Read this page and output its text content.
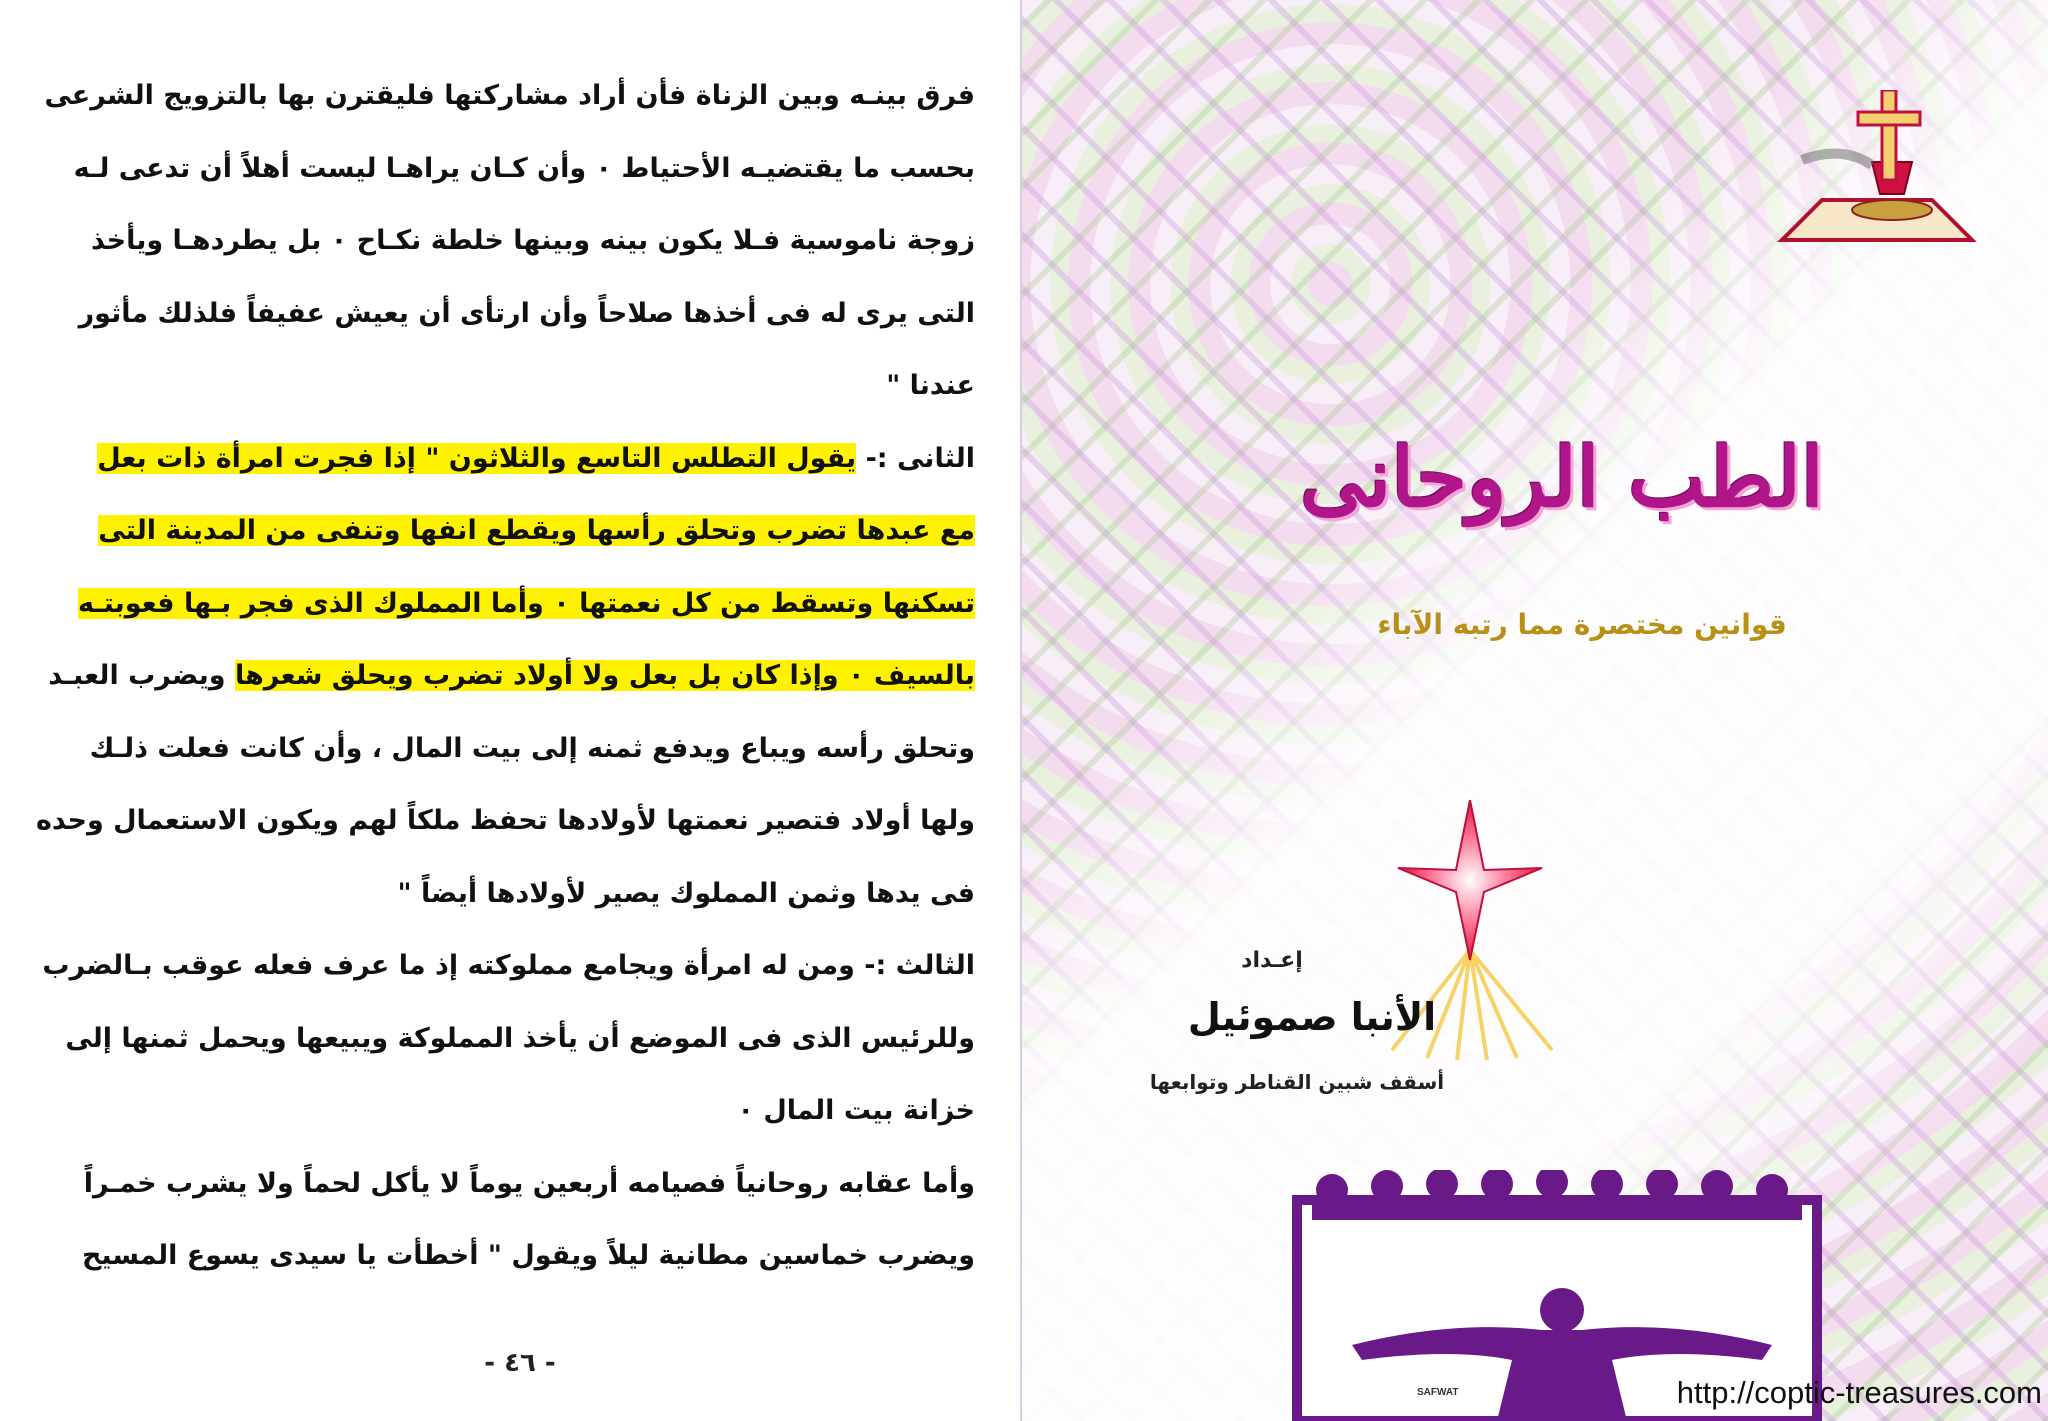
فرق بينـه وبين الزناة فأن أراد مشاركتها فليقترن بها بالتزويج الشرعى
بحسب ما يقتضيـه الأحتياط ٠ وأن كـان يراهـا ليست أهلاً أن تدعى لـه
زوجة ناموسية فـلا يكون بينه وبينها خلطة نكـاح ٠ بل يطردهـا ويأخذ
التى يرى له فى أخذها صلاحاً وأن ارتأى أن يعيش عفيفاً فلذلك مأثور
عندنا "
الثانى :- يقول التطلس التاسع والثلاثون " إذا فجرت امرأة ذات بعل
مع عبدها تضرب وتحلق رأسها ويقطع انفها وتنفى من المدينة التى
تسكنها وتسقط من كل نعمتها ٠ وأما المملوك الذى فجر بـها فعوبتـه
بالسيف ٠ وإذا كان بل بعل ولا أولاد تضرب ويحلق شعرها ويضرب العبـد
وتحلق رأسه ويباع ويدفع ثمنه إلى بيت المال ، وأن كانت فعلت ذلـك
ولها أولاد فتصير نعمتها لأولادها تحفظ ملكاً لهم ويكون الاستعمال وحده
فى يدها وثمن المملوك يصير لأولادها أيضاً "
الثالث :- ومن له امرأة ويجامع مملوكته إذ ما عرف فعله عوقب بـالضرب
وللرئيس الذى فى الموضع أن يأخذ المملوكة ويبيعها ويحمل ثمنها إلى
خزانة بيت المال ٠
وأما عقابه روحانياً فصيامه أربعين يوماً لا يأكل لحماً ولا يشرب خمـراً
ويضرب خماسين مطانية ليلاً ويقول " أخطأت يا سيدى يسوع المسيح
- ٤٦ -
الطب الروحانى
قوانين مختصرة مما رتبه الآباء
إعـداد
الأنبا صموئيل
أسقف شبين القناطر وتوابعها
SAFWAT	http://coptic-treasures.com
